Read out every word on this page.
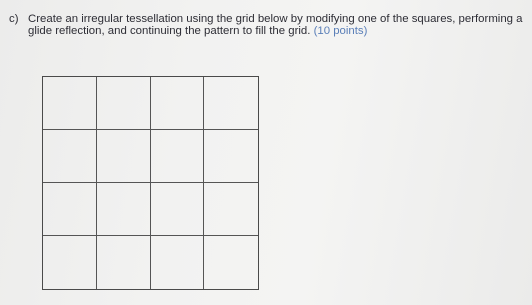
c) Create an irregular tessellation using the grid below by modifying one of the squares, performing a glide reflection, and continuing the pattern to fill the grid. (10 points)
